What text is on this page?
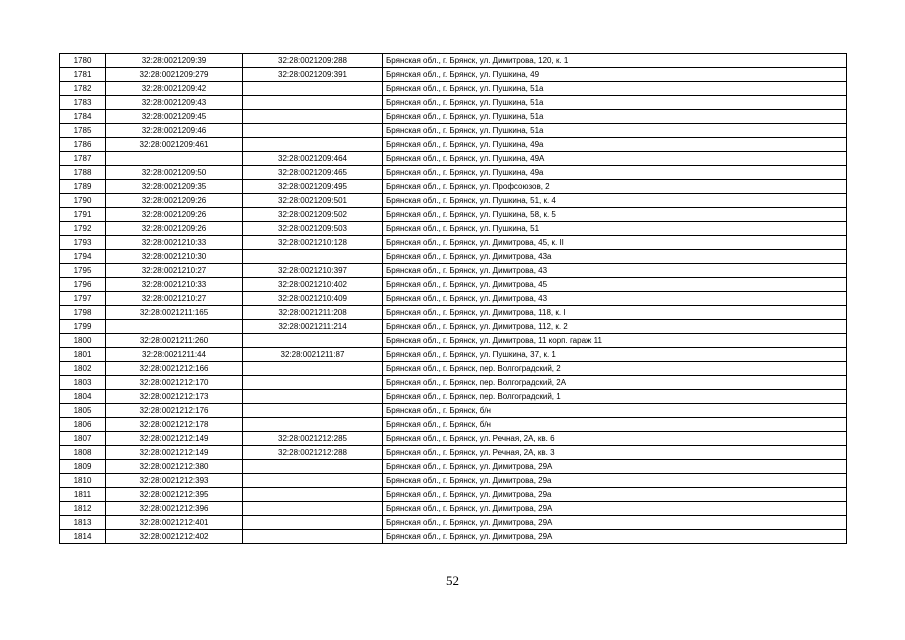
1780	32:28:0021209:39	32:28:0021209:288	Брянская обл., г. Брянск, ул. Димитрова, 120, к. 1
1781	32:28:0021209:279	32:28:0021209:391	Брянская обл., г. Брянск, ул. Пушкина, 49
1782	32:28:0021209:42		Брянская обл., г. Брянск, ул. Пушкина, 51а
1783	32:28:0021209:43		Брянская обл., г. Брянск, ул. Пушкина, 51а
1784	32:28:0021209:45		Брянская обл., г. Брянск, ул. Пушкина, 51а
1785	32:28:0021209:46		Брянская обл., г. Брянск, ул. Пушкина, 51а
1786	32:28:0021209:461		Брянская обл., г. Брянск, ул. Пушкина, 49а
1787		32:28:0021209:464	Брянская обл., г. Брянск, ул. Пушкина, 49А
1788	32:28:0021209:50	32:28:0021209:465	Брянская обл., г. Брянск, ул. Пушкина, 49а
1789	32:28:0021209:35	32:28:0021209:495	Брянская обл., г. Брянск, ул. Профсоюзов, 2
1790	32:28:0021209:26	32:28:0021209:501	Брянская обл., г. Брянск, ул. Пушкина, 51, к. 4
1791	32:28:0021209:26	32:28:0021209:502	Брянская обл., г. Брянск, ул. Пушкина, 58, к. 5
1792	32:28:0021209:26	32:28:0021209:503	Брянская обл., г. Брянск, ул. Пушкина, 51
1793	32:28:0021210:33	32:28:0021210:128	Брянская обл., г. Брянск, ул. Димитрова, 45, к. II
1794	32:28:0021210:30		Брянская обл., г. Брянск, ул. Димитрова, 43а
1795	32:28:0021210:27	32:28:0021210:397	Брянская обл., г. Брянск, ул. Димитрова, 43
1796	32:28:0021210:33	32:28:0021210:402	Брянская обл., г. Брянск, ул. Димитрова, 45
1797	32:28:0021210:27	32:28:0021210:409	Брянская обл., г. Брянск, ул. Димитрова, 43
1798	32:28:0021211:165	32:28:0021211:208	Брянская обл., г. Брянск, ул. Димитрова, 118, к. I
1799		32:28:0021211:214	Брянская обл., г. Брянск, ул. Димитрова, 112, к. 2
1800	32:28:0021211:260		Брянская обл., г. Брянск, ул. Димитрова, 11 корп. гараж 11
1801	32:28:0021211:44	32:28:0021211:87	Брянская обл., г. Брянск, ул. Пушкина, 37, к. 1
1802	32:28:0021212:166		Брянская обл., г. Брянск, пер. Волгоградский, 2
1803	32:28:0021212:170		Брянская обл., г. Брянск, пер. Волгоградский, 2А
1804	32:28:0021212:173		Брянская обл., г. Брянск, пер. Волгоградский, 1
1805	32:28:0021212:176		Брянская обл., г. Брянск, б/н
1806	32:28:0021212:178		Брянская обл., г. Брянск, б/н
1807	32:28:0021212:149	32:28:0021212:285	Брянская обл., г. Брянск, ул. Речная, 2А, кв. 6
1808	32:28:0021212:149	32:28:0021212:288	Брянская обл., г. Брянск, ул. Речная, 2А, кв. 3
1809	32:28:0021212:380		Брянская обл., г. Брянск, ул. Димитрова, 29А
1810	32:28:0021212:393		Брянская обл., г. Брянск, ул. Димитрова, 29а
1811	32:28:0021212:395		Брянская обл., г. Брянск, ул. Димитрова, 29а
1812	32:28:0021212:396		Брянская обл., г. Брянск, ул. Димитрова, 29А
1813	32:28:0021212:401		Брянская обл., г. Брянск, ул. Димитрова, 29А
1814	32:28:0021212:402		Брянская обл., г. Брянск, ул. Димитрова, 29А
52
